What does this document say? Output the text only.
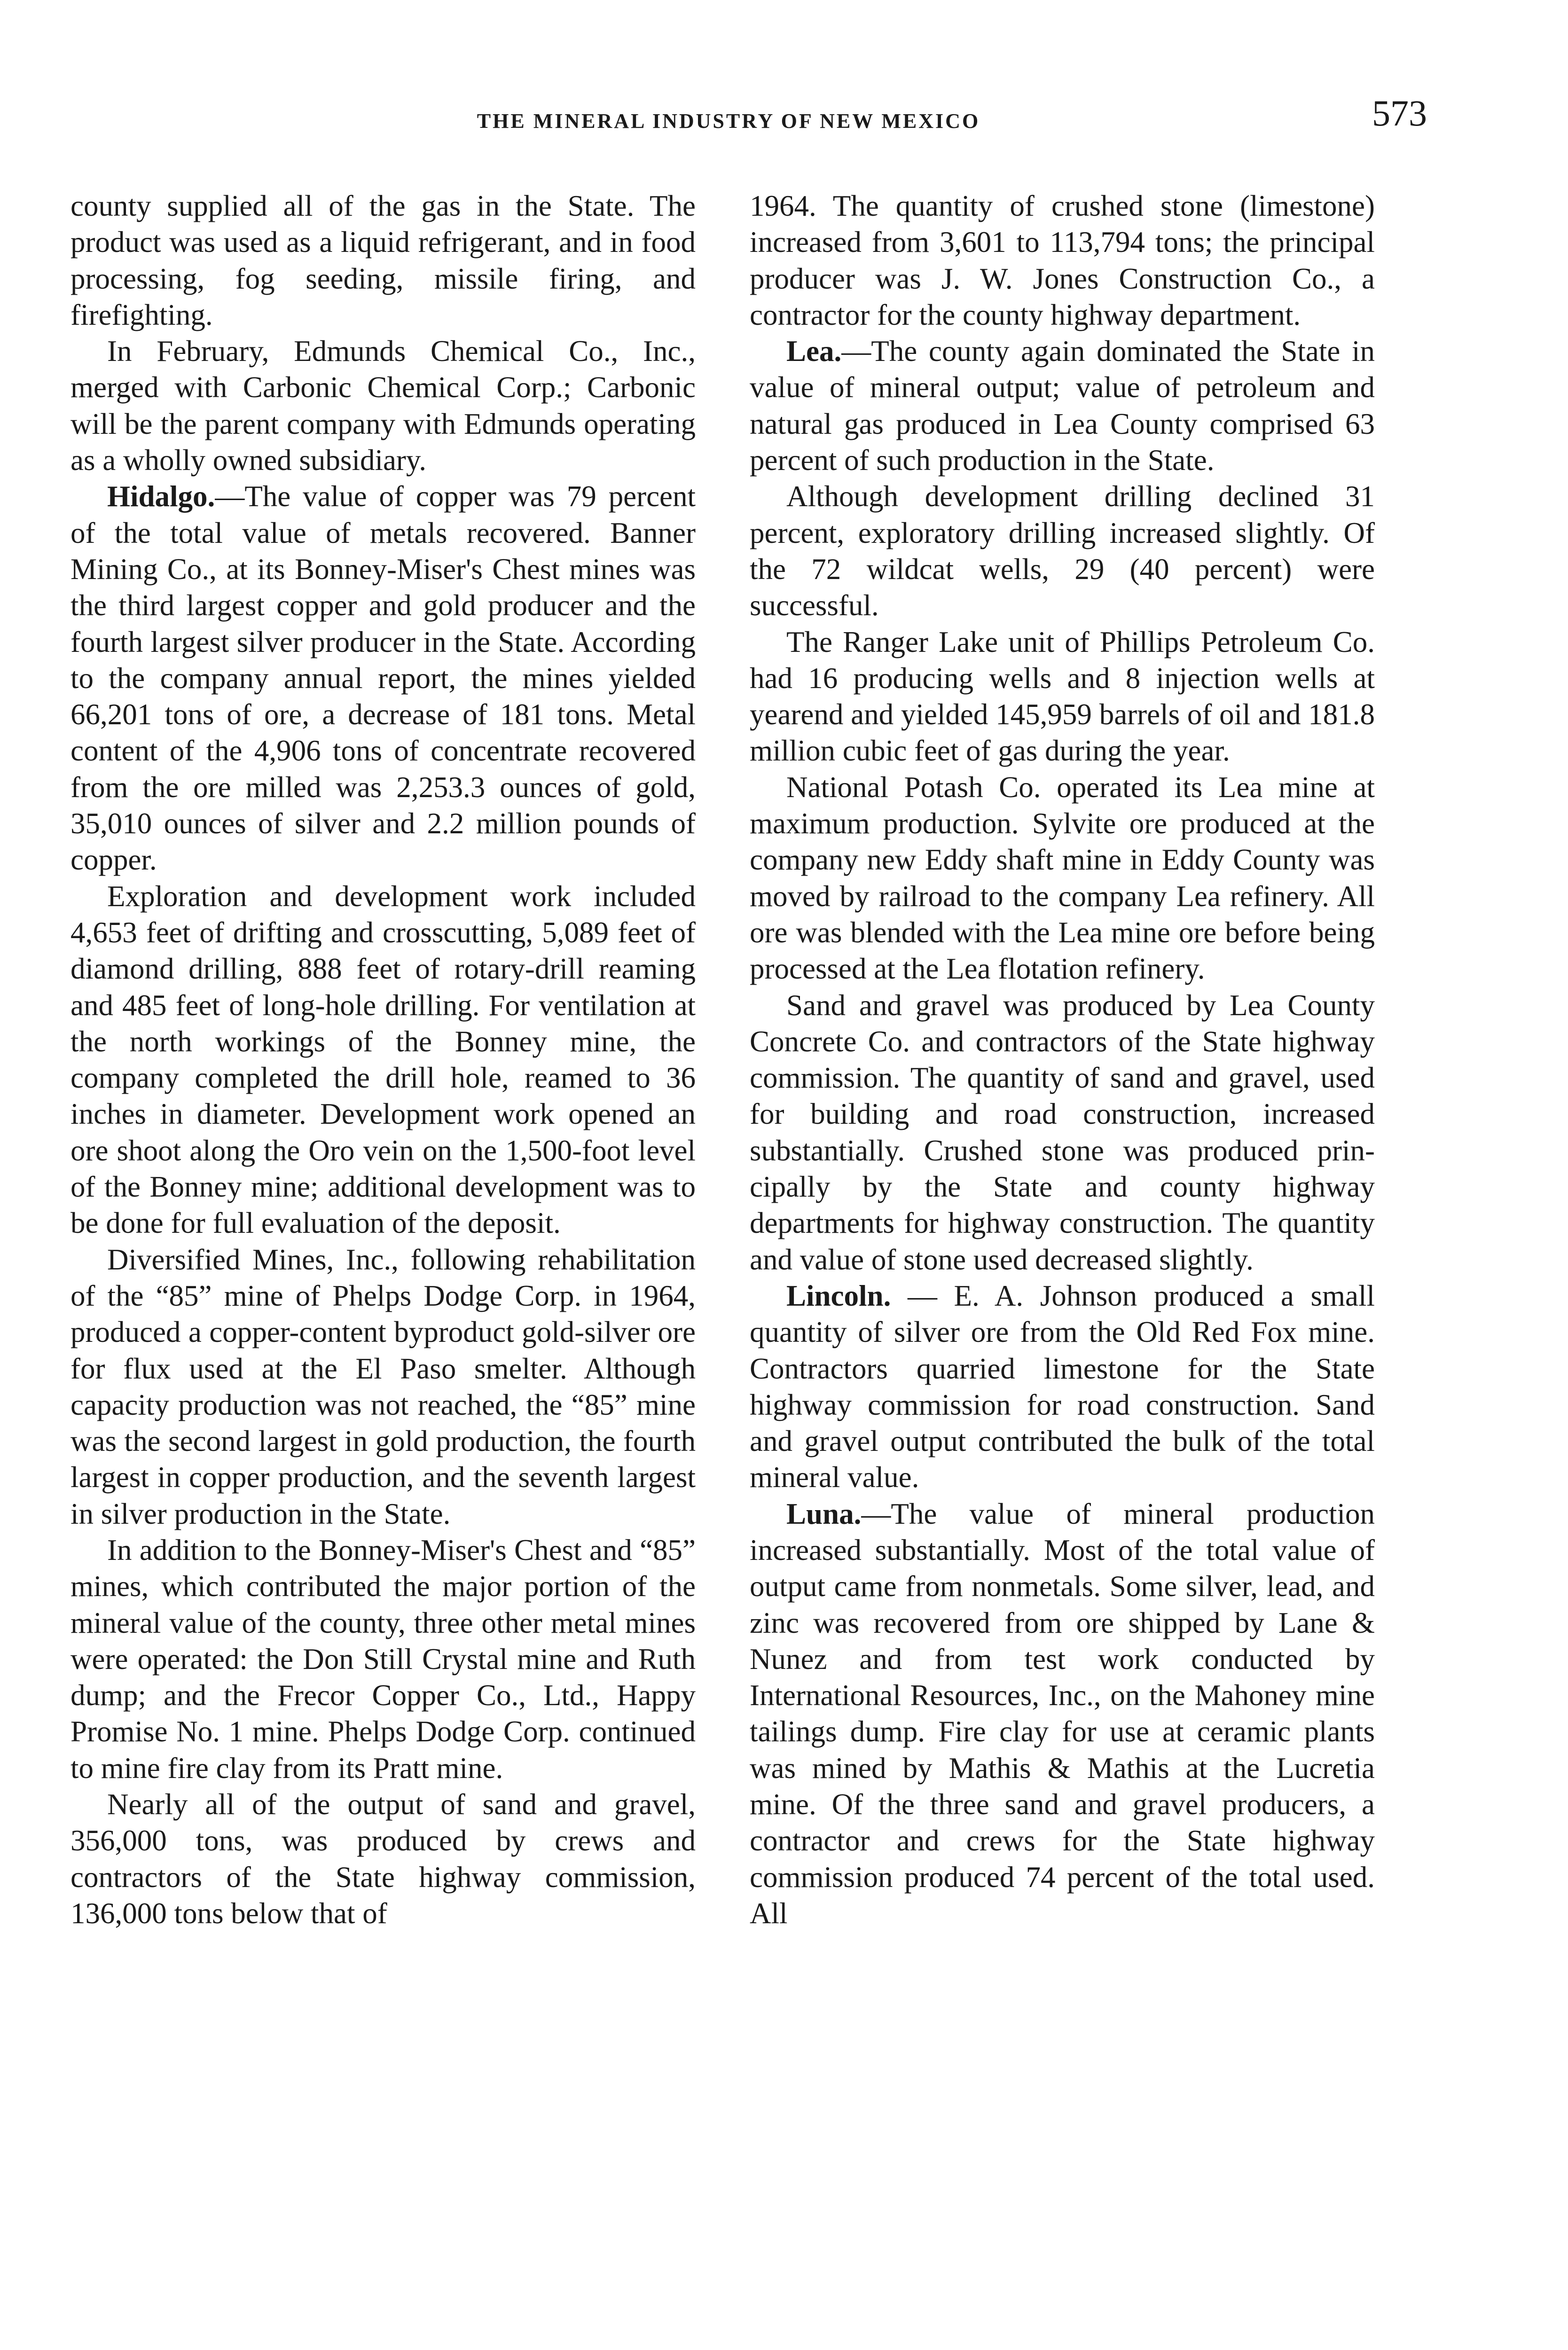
THE MINERAL INDUSTRY OF NEW MEXICO	573

county supplied all of the gas in the State. The product was used as a liquid refrigerant, and in food processing, fog seeding, missile firing, and firefighting.

In February, Edmunds Chemical Co., Inc., merged with Carbonic Chemical Corp.; Carbonic will be the parent company with Edmunds operating as a wholly owned subsidiary.

Hidalgo.—The value of copper was 79 percent of the total value of metals recovered. Banner Mining Co., at its Bonney-Miser's Chest mines was the third largest copper and gold producer and the fourth largest silver producer in the State. According to the company annual report, the mines yielded 66,201 tons of ore, a decrease of 181 tons. Metal content of the 4,906 tons of concentrate recovered from the ore milled was 2,253.3 ounces of gold, 35,010 ounces of silver and 2.2 million pounds of copper.

Exploration and development work included 4,653 feet of drifting and crosscutting, 5,089 feet of diamond drilling, 888 feet of rotary-drill reaming and 485 feet of long-hole drilling. For ventilation at the north workings of the Bonney mine, the company completed the drill hole, reamed to 36 inches in diameter. Development work opened an ore shoot along the Oro vein on the 1,500-foot level of the Bonney mine; additional development was to be done for full evaluation of the deposit.

Diversified Mines, Inc., following rehabilitation of the “85” mine of Phelps Dodge Corp. in 1964, produced a copper-content byproduct gold-silver ore for flux used at the El Paso smelter. Although capacity production was not reached, the “85” mine was the second largest in gold production, the fourth largest in copper production, and the seventh largest in silver production in the State.

In addition to the Bonney-Miser's Chest and “85” mines, which contributed the major portion of the mineral value of the county, three other metal mines were operated: the Don Still Crystal mine and Ruth dump; and the Frecor Copper Co., Ltd., Happy Promise No. 1 mine. Phelps Dodge Corp. continued to mine fire clay from its Pratt mine.

Nearly all of the output of sand and gravel, 356,000 tons, was produced by crews and contractors of the State highway commission, 136,000 tons below that of

1964. The quantity of crushed stone (limestone) increased from 3,601 to 113,794 tons; the principal producer was J. W. Jones Construction Co., a contractor for the county highway department.

Lea.—The county again dominated the State in value of mineral output; value of petroleum and natural gas produced in Lea County comprised 63 percent of such production in the State.

Although development drilling declined 31 percent, exploratory drilling increased slightly. Of the 72 wildcat wells, 29 (40 percent) were successful.

The Ranger Lake unit of Phillips Petroleum Co. had 16 producing wells and 8 injection wells at yearend and yielded 145,959 barrels of oil and 181.8 million cubic feet of gas during the year.

National Potash Co. operated its Lea mine at maximum production. Sylvite ore produced at the company new Eddy shaft mine in Eddy County was moved by railroad to the company Lea refinery. All ore was blended with the Lea mine ore before being processed at the Lea flotation refinery.

Sand and gravel was produced by Lea County Concrete Co. and contractors of the State highway commission. The quantity of sand and gravel, used for building and road construction, increased substantially. Crushed stone was produced principally by the State and county highway departments for highway construction. The quantity and value of stone used decreased slightly.

Lincoln. — E. A. Johnson produced a small quantity of silver ore from the Old Red Fox mine. Contractors quarried limestone for the State highway commission for road construction. Sand and gravel output contributed the bulk of the total mineral value.

Luna.—The value of mineral production increased substantially. Most of the total value of output came from nonmetals. Some silver, lead, and zinc was recovered from ore shipped by Lane & Nunez and from test work conducted by International Resources, Inc., on the Mahoney mine tailings dump. Fire clay for use at ceramic plants was mined by Mathis & Mathis at the Lucretia mine. Of the three sand and gravel producers, a contractor and crews for the State highway commission produced 74 percent of the total used. All
